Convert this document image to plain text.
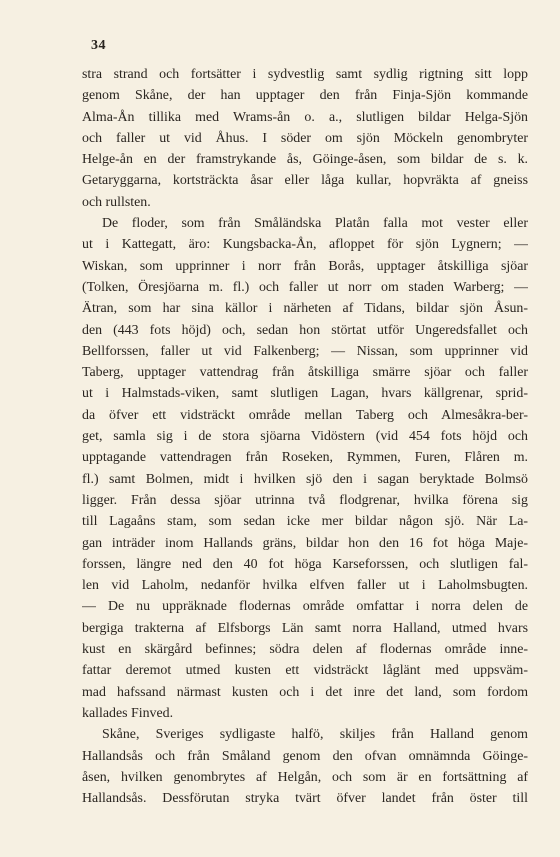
34
stra strand och fortsätter i sydvestlig samt sydlig rigtning sitt lopp
genom Skåne, der han upptager den från Finja-Sjön kommande
Alma-Ån tillika med Wrams-ån o. a., slutligen bildar Helga-Sjön
och faller ut vid Åhus. I söder om sjön Möckeln genombryter
Helge-ån en der framstrykande ås, Göinge-åsen, som bildar de s. k.
Getaryggarna, kortsträckta åsar eller låga kullar, hopvräkta af gneiss
och rullsten.
De floder, som från Småländska Platån falla mot vester eller
ut i Kattegatt, äro: Kungsbacka-Ån, afloppet för sjön Lygnern; —
Wiskan, som upprinner i norr från Borås, upptager åtskilliga sjöar
(Tolken, Öresjöarna m. fl.) och faller ut norr om staden Warberg; —
Ätran, som har sina källor i närheten af Tidans, bildar sjön Åsun-
den (443 fots höjd) och, sedan hon störtat utför Ungeredsfallet och
Bellforssen, faller ut vid Falkenberg; — Nissan, som upprinner vid
Taberg, upptager vattendrag från åtskilliga smärre sjöar och faller
ut i Halmstads-viken, samt slutligen Lagan, hvars källgrenar, sprid-
da öfver ett vidsträckt område mellan Taberg och Almesåkra-ber-
get, samla sig i de stora sjöarna Vidöstern (vid 454 fots höjd och
upptagande vattendragen från Roseken, Rymmen, Furen, Flåren m.
fl.) samt Bolmen, midt i hvilken sjö den i sagan beryktade Bolmsö
ligger. Från dessa sjöar utrinna två flodgrenar, hvilka förena sig
till Lagaåns stam, som sedan icke mer bildar någon sjö. När La-
gan inträder inom Hallands gräns, bildar hon den 16 fot höga Maje-
forssen, längre ned den 40 fot höga Karseforssen, och slutligen fal-
len vid Laholm, nedanför hvilka elfven faller ut i Laholmsbugten.
— De nu uppräknade flodernas område omfattar i norra delen de
bergiga trakterna af Elfsborgs Län samt norra Halland, utmed hvars
kust en skärgård befinnes; södra delen af flodernas område inne-
fattar deremot utmed kusten ett vidsträckt låglänt med uppsväm-
mad hafssand närmast kusten och i det inre det land, som fordom
kallades Finved.
Skåne, Sveriges sydligaste halfö, skiljes från Halland genom
Hallandsås och från Småland genom den ofvan omnämnda Göinge-
åsen, hvilken genombrytes af Helgån, och som är en fortsättning af
Hallandsås. Dessförutan stryka tvärt öfver landet från öster till
